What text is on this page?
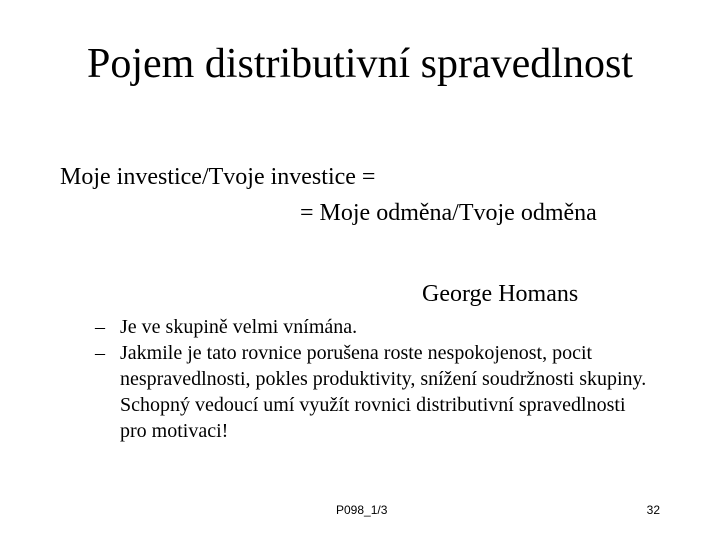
Pojem distributivní spravedlnost
Moje investice/Tvoje investice =
= Moje odměna/Tvoje odměna
George Homans
– Je ve skupině velmi vnímána.
– Jakmile je tato rovnice porušena roste nespokojenost, pocit nespravedlnosti, pokles produktivity, snížení soudržnosti skupiny. Schopný vedoucí umí využít rovnici distributivní spravedlnosti pro motivaci!
P098_1/3	32
